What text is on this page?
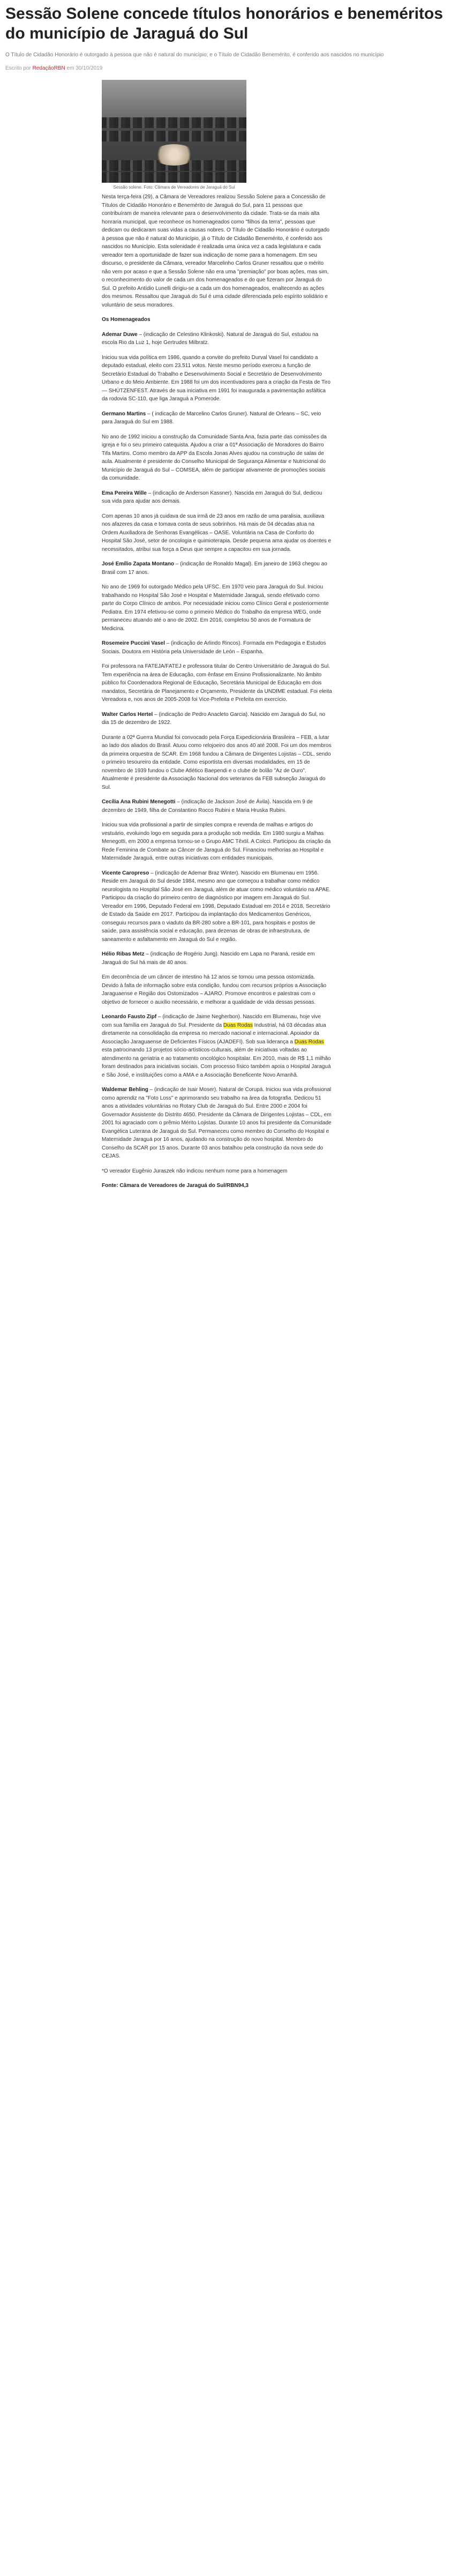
Sessão Solene concede títulos honorários e beneméritos do município de Jaraguá do Sul

O Título de Cidadão Honorário é outorgado à pessoa que não é natural do município; e o Título de Cidadão Benemérito, é conferido aos nascidos no município

Escrito por RedaçãoRBN em 30/10/2019

Sessão solene. Foto: Câmara de Vereadores de Jaraguá do Sul

Nesta terça-feira (29), a Câmara de Vereadores realizou Sessão Solene para a Concessão de Títulos de Cidadão Honorário e Benemérito de Jaraguá do Sul, para 11 pessoas que contribuíram de maneira relevante para o desenvolvimento da cidade. Trata-se da mais alta honraria municipal, que reconhece os homenageados como "filhos da terra", pessoas que dedicam ou dedicaram suas vidas a causas nobres. O Título de Cidadão Honorário é outorgado à pessoa que não é natural do Município, já o Título de Cidadão Benemérito, é conferido aos nascidos no Município. Esta solenidade é realizada uma única vez a cada legislatura e cada vereador tem a oportunidade de fazer sua indicação de nome para a homenagem. Em seu discurso, o presidente da Câmara, vereador Marcelinho Carlos Gruner ressaltou que o mérito não vem por acaso e que a Sessão Solene não era uma "premiação" por boas ações, mas sim, o reconhecimento do valor de cada um dos homenageados e do que fizeram por Jaraguá do Sul. O prefeito Antídio Lunelli dirigiu-se a cada um dos homenageados, enaltecendo as ações dos mesmos. Ressaltou que Jaraguá do Sul é uma cidade diferenciada pelo espírito solidário e voluntário de seus moradores.

Os Homenageados

Ademar Duwe – (indicação de Celestino Klinkoski). Natural de Jaraguá do Sul, estudou na escola Rio da Luz 1, hoje Gertrudes Milbratz.

Iniciou sua vida política em 1986, quando a convite do prefeito Durval Vasel foi candidato a deputado estadual, eleito com 23.511 votos. Neste mesmo período exerceu a função de Secretário Estadual do Trabalho e Desenvolvimento Social e Secretário de Desenvolvimento Urbano e do Meio Ambiente. Em 1988 foi um dos incentivadores para a criação da Festa de Tiro — SHÜTZENFEST. Através de sua iniciativa em 1991 foi inaugurada a pavimentação asfáltica da rodovia SC-110, que liga Jaraguá a Pomerode.

Germano Martins – ( indicação de Marcelino Carlos Gruner). Natural de Orleans – SC, veio para Jaraguá do Sul em 1988.

No ano de 1992 iniciou a construção da Comunidade Santa Ana, fazia parte das comissões da igreja e foi o seu primeiro catequista. Ajudou a criar a 01ª Associação de Moradores do Bairro Tifa Martins. Como membro da APP da Escola Jonas Alves ajudou na construção de salas de aula. Atualmente é presidente do Conselho Municipal de Segurança Alimentar e Nutricional do Município de Jaraguá do Sul – COMSEA, além de participar ativamente de promoções sociais da comunidade.

Ema Pereira Wille – (indicação de Anderson Kassner). Nascida em Jaraguá do Sul, dedicou sua vida para ajudar aos demais.

Com apenas 10 anos já cuidava de sua irmã de 23 anos em razão de uma paralisia, auxiliava nos afazeres da casa e tomava conta de seus sobrinhos. Há mais de 04 décadas atua na Ordem Auxiliadora de Senhoras Evangélicas – OASE. Voluntária na Casa de Conforto do Hospital São José, setor de oncologia e quimioterapia. Desde pequena ama ajudar os doentes e necessitados, atribui sua força a Deus que sempre a capacitou em sua jornada.

José Emílio Zapata Montano – (indicação de Ronaldo Magal). Em janeiro de 1963 chegou ao Brasil com 17 anos.

No ano de 1969 foi outorgado Médico pela UFSC. Em 1970 veio para Jaraguá do Sul. Iniciou trabalhando no Hospital São José e Hospital e Maternidade Jaraguá, sendo efetivado como parte do Corpo Clínico de ambos. Por necessidade iniciou como Clínico Geral e posteriormente Pediatra. Em 1974 efetivou-se como o primeiro Médico do Trabalho da empresa WEG, onde permaneceu atuando até o ano de 2002. Em 2016, completou 50 anos de Formatura de Medicina.

Rosemeire Puccini Vasel – (indicação de Arlindo Rincos). Formada em Pedagogia e Estudos Sociais. Doutora em História pela Universidade de León – Espanha.

Foi professora na FATEJA/FATEJ e professora titular do Centro Universitário de Jaraguá do Sul. Tem experiência na área de Educação, com ênfase em Ensino Profissionalizante. No âmbito público foi Coordenadora Regional de Educação, Secretária Municipal de Educação em dois mandatos, Secretária de Planejamento e Orçamento, Presidente da UNDIME estadual. Foi eleita Vereadora e, nos anos de 2005-2008 foi Vice-Prefeita e Prefeita em exercício.

Walter Carlos Hertel – (indicação de Pedro Anacleto Garcia). Nascido em Jaraguá do Sul, no dia 15 de dezembro de 1922.

Durante a 02ª Guerra Mundial foi convocado pela Força Expedicionária Brasileira – FEB, a lutar ao lado dos aliados do Brasil. Atuou como relojoeiro dos anos 40 até 2008. Foi um dos membros da primeira orquestra de SCAR. Em 1968 fundou a Câmara de Dirigentes Lojistas – CDL, sendo o primeiro tesoureiro da entidade. Como esportista em diversas modalidades, em 15 de novembro de 1939 fundou o Clube Atlético Baependi e o clube de bolão "Az de Ouro". Atualmente é presidente da Associação Nacional dos veteranos da FEB subseção Jaraguá do Sul.

Cecília Ana Rubini Menegotti – (indicação de Jackson José de Ávila). Nascida em 9 de dezembro de 1949, filha de Constantino Rocco Rubini e Maria Hruska Rubini.

Iniciou sua vida profissional a partir de simples compra e revenda de malhas e artigos do vestuário, evoluindo logo em seguida para a produção sob medida. Em 1980 surgiu a Malhas Menegotti, em 2000 a empresa tornou-se o Grupo AMC Têxtil. A Colcci. Participou da criação da Rede Feminina de Combate ao Câncer de Jaraguá do Sul. Financiou melhorias ao Hospital e Maternidade Jaraguá, entre outras iniciativas com entidades municipais.

Vicente Caropreso – (indicação de Ademar Braz Winter). Nascido em Blumenau em 1956. Reside em Jaraguá do Sul desde 1984, mesmo ano que começou a trabalhar como médico neurologista no Hospital São José em Jaraguá, além de atuar como médico voluntário na APAE. Participou da criação do primeiro centro de diagnóstico por imagem em Jaraguá do Sul. Vereador em 1996, Deputado Federal em 1998, Deputado Estadual em 2014 e 2018, Secretário de Estado da Saúde em 2017. Participou da implantação dos Medicamentos Genéricos, conseguiu recursos para o viaduto da BR-280 sobre a BR-101, para hospitais e postos de saúde, para assistência social e educação, para dezenas de obras de infraestrutura, de saneamento e asfaltamento em Jaraguá do Sul e região.

Hélio Ribas Metz – (indicação de Rogério Jung). Nascido em Lapa no Paraná, reside em Jaraguá do Sul há mais de 40 anos.

Em decorrência de um câncer de intestino há 12 anos se tornou uma pessoa ostomizada. Devido à falta de informação sobre esta condição, fundou com recursos próprios a Associação Jaraguaense e Região dos Ostomizados – AJARO. Promove encontros e palestras com o objetivo de fornecer o auxílio necessário, e melhorar a qualidade de vida dessas pessoas.

Leonardo Fausto Zipf – (indicação de Jaime Negherbon). Nascido em Blumenau, hoje vive com sua família em Jaraguá do Sul. Presidente da Duas Rodas Industrial, há 03 décadas atua diretamente na consolidação da empresa no mercado nacional e internacional. Apoiador da Associação Jaraguaense de Deficientes Físicos (AJADEFI). Sob sua liderança a Duas Rodas esta patrocinando 13 projetos sócio-artísticos-culturais, além de iniciativas voltadas ao atendimento na geriatria e ao tratamento oncológico hospitalar. Em 2010, mais de R$ 1,1 milhão foram destinados para iniciativas sociais. Com processo físico também apoia o Hospital Jaraguá e São José, e instituições como a AMA e a Associação Beneficente Novo Amanhã.

Waldemar Behling – (indicação de Isair Moser). Natural de Corupá. Iniciou sua vida profissional como aprendiz na "Foto Loss" e aprimorando seu trabalho na área da fotografia. Dedicou 51 anos a atividades voluntárias no Rotary Club de Jaraguá do Sul. Entre 2000 e 2004 foi Governador Assistente do Distrito 4650. Presidente da Câmara de Dirigentes Lojistas – CDL, em 2001 foi agraciado com o prêmio Mérito Lojistas. Durante 10 anos foi presidente da Comunidade Evangélica Luterana de Jaraguá do Sul. Permaneceu como membro do Conselho do Hospital e Maternidade Jaraguá por 16 anos, ajudando na construção do novo hospital. Membro do Conselho da SCAR por 15 anos. Durante 03 anos batalhou pela construção da nova sede do CEJAS.

*O vereador Eugênio Juraszek não indicou nenhum nome para a homenagem

Fonte: Câmara de Vereadores de Jaraguá do Sul/RBN94,3
